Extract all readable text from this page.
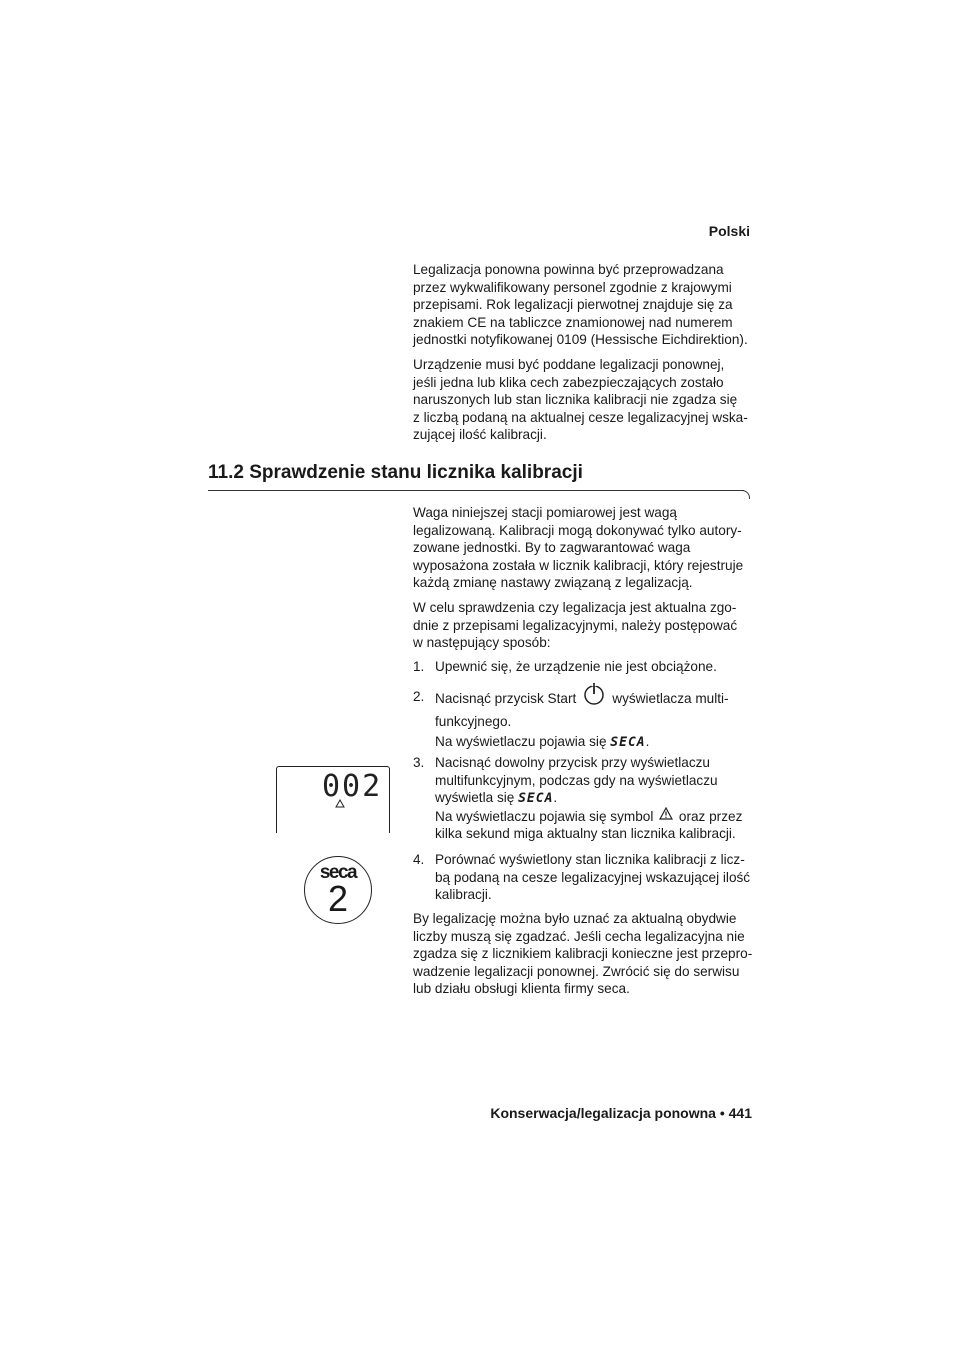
Polski

Legalizacja ponowna powinna być przeprowadzana

przez wykwalifikowany personel zgodnie z krajowymi

przepisami. Rok legalizacji pierwotnej znajduje się za

znakiem CE na tabliczce znamionowej nad numerem

jednostki notyfikowanej 0109 (Hessische Eichdirektion).

Urządzenie musi być poddane legalizacji ponownej,

jeśli jedna lub klika cech zabezpieczających zostało

naruszonych lub stan licznika kalibracji nie zgadza się

z liczbą podaną na aktualnej cesze legalizacyjnej wska-

zującej ilość kalibracji.

11.2 Sprawdzenie stanu licznika kalibracji

Waga niniejszej stacji pomiarowej jest wagą

legalizowaną. Kalibracji mogą dokonywać tylko autory-

zowane jednostki. By to zagwarantować waga

wyposażona została w licznik kalibracji, który rejestruje

każdą zmianę nastawy związaną z legalizacją.

W celu sprawdzenia czy legalizacja jest aktualna zgo-

dnie z przepisami legalizacyjnymi, należy postępować

w następujący sposób:

1. Upewnić się, że urządzenie nie jest obciążone.
2. Nacisnąć przycisk Start	wyświetlacza multi-
funkcyjnego.
Na wyświetlaczu pojawia się SECA.
3. Nacisnąć dowolny przycisk przy wyświetlaczu
multifunkcyjnym, podczas gdy na wyświetlaczu
wyświetla się SECA.
Na wyświetlaczu pojawia się symbol oraz przez
kilka sekund miga aktualny stan licznika kalibracji.
4. Porównać wyświetlony stan licznika kalibracji z licz-
bą podaną na cesze legalizacyjnej wskazującej ilość
kalibracji.

By legalizację można było uznać za aktualną obydwie

liczby muszą się zgadzać. Jeśli cecha legalizacyjna nie

zgadza się z licznikiem kalibracji konieczne jest przepro-

wadzenie legalizacji ponownej. Zwrócić się do serwisu

lub działu obsługi klienta firmy seca.

002
seca
2
Konserwacja/legalizacja ponowna • 441
